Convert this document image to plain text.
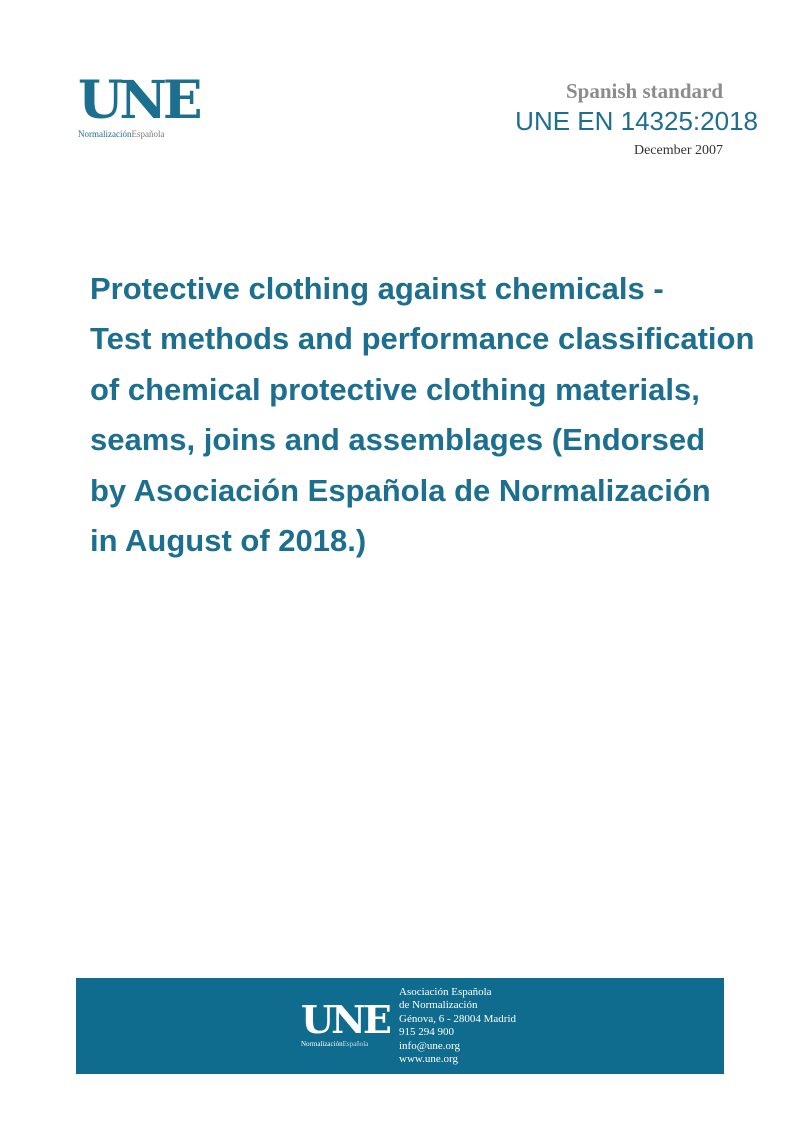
UNE
NormalizaciónEspañola
Spanish standard
UNE EN 14325:2018
December 2007
Protective clothing against chemicals -
Test methods and performance classification
of chemical protective clothing materials,
seams, joins and assemblages (Endorsed
by Asociación Española de Normalización
in August of 2018.)
UNE
NormalizaciónEspañola
Asociación Española
de Normalización
Génova, 6 - 28004 Madrid
915 294 900
info@une.org
www.une.org
